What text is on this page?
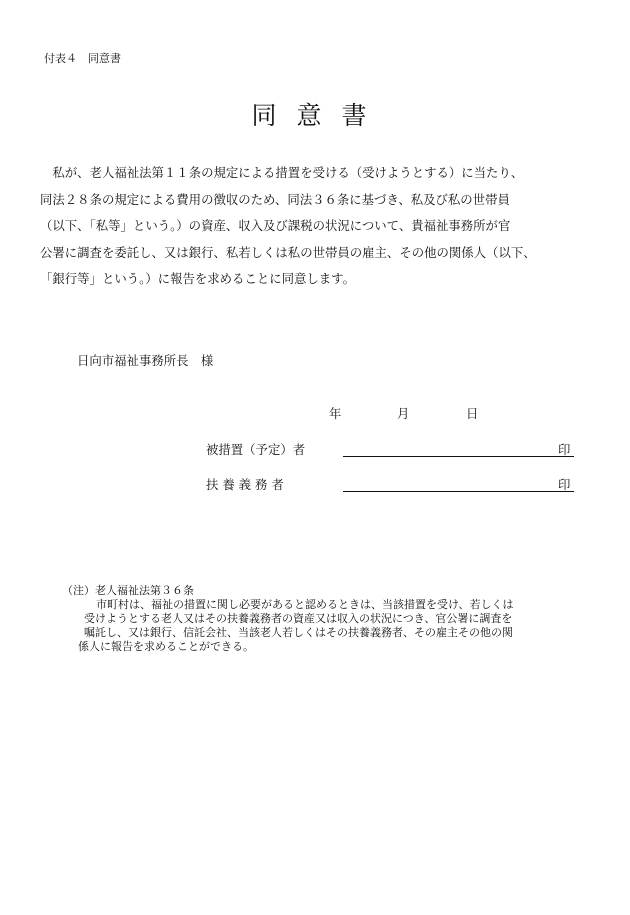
付表４　同意書
同意書
　私が、老人福祉法第１１条の規定による措置を受ける（受けようとする）に当たり、
同法２８条の規定による費用の徴収のため、同法３６条に基づき、私及び私の世帯員
（以下、「私等」という。）の資産、収入及び課税の状況について、貴福祉事務所が官
公署に調査を委託し、又は銀行、私若しくは私の世帯員の雇主、その他の関係人（以下、
「銀行等」という。）に報告を求めることに同意します。
日向市福祉事務所長　様
年	月	日
被措置（予定）者	印
扶 養 義 務 者	印
（注）老人福祉法第３６条
　　市町村は、福祉の措置に関し必要があると認めるときは、当該措置を受け、若しくは
受けようとする老人又はその扶養義務者の資産又は収入の状況につき、官公署に調査を
嘱託し、又は銀行、信託会社、当該老人若しくはその扶養義務者、その雇主その他の関
係人に報告を求めることができる。
